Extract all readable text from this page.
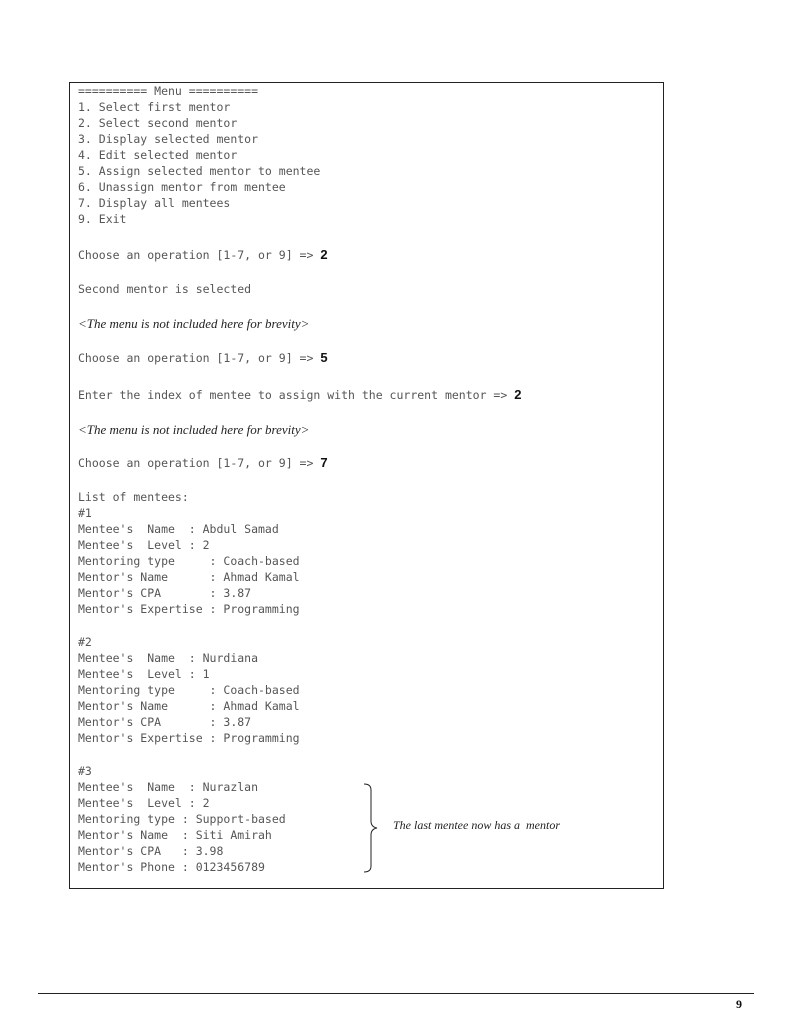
========== Menu ==========
1. Select first mentor
2. Select second mentor
3. Display selected mentor
4. Edit selected mentor
5. Assign selected mentor to mentee
6. Unassign mentor from mentee
7. Display all mentees
9. Exit
Choose an operation [1-7, or 9] => 2
Second mentor is selected
<The menu is not included here for brevity>
Choose an operation [1-7, or 9] => 5
Enter the index of mentee to assign with the current mentor => 2
<The menu is not included here for brevity>
Choose an operation [1-7, or 9] => 7
List of mentees:
#1
Mentee's  Name  : Abdul Samad
Mentee's  Level : 2
Mentoring type     : Coach-based
Mentor's Name      : Ahmad Kamal
Mentor's CPA       : 3.87
Mentor's Expertise : Programming
#2
Mentee's  Name  : Nurdiana
Mentee's  Level : 1
Mentoring type     : Coach-based
Mentor's Name      : Ahmad Kamal
Mentor's CPA       : 3.87
Mentor's Expertise : Programming
#3
Mentee's  Name  : Nurazlan
Mentee's  Level : 2
Mentoring type : Support-based
Mentor's Name  : Siti Amirah
Mentor's CPA   : 3.98
Mentor's Phone : 0123456789
The last mentee now has a  mentor
9
